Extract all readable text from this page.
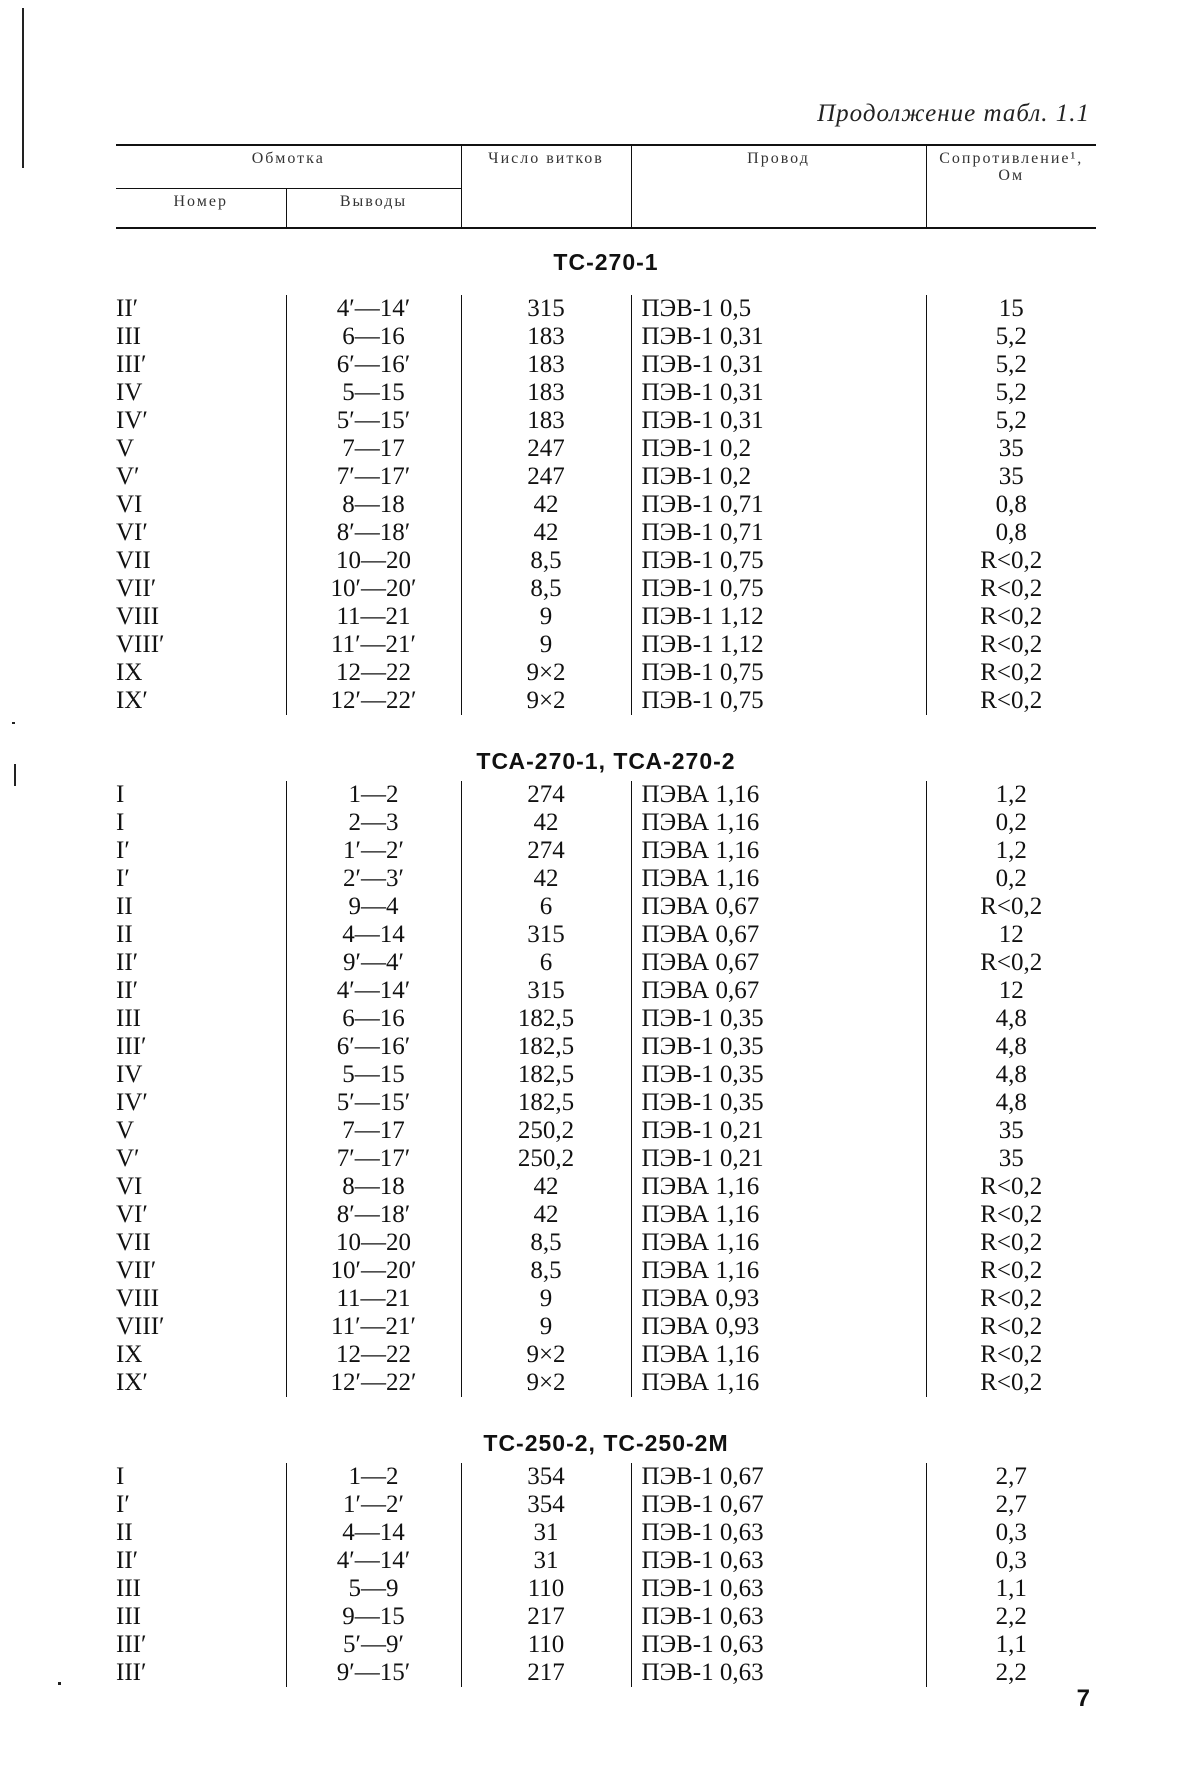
Продолжение табл. 1.1
Обмотка		Число витков	Провод	Сопротивление¹, Ом
Номер	Выводы			
ТС-270-1				
II′	4′—14′	315	ПЭВ-1 0,5	15
III	6—16	183	ПЭВ-1 0,31	5,2
III′	6′—16′	183	ПЭВ-1 0,31	5,2
IV	5—15	183	ПЭВ-1 0,31	5,2
IV′	5′—15′	183	ПЭВ-1 0,31	5,2
V	7—17	247	ПЭВ-1 0,2	35
V′	7′—17′	247	ПЭВ-1 0,2	35
VI	8—18	42	ПЭВ-1 0,71	0,8
VI′	8′—18′	42	ПЭВ-1 0,71	0,8
VII	10—20	8,5	ПЭВ-1 0,75	R<0,2
VII′	10′—20′	8,5	ПЭВ-1 0,75	R<0,2
VIII	11—21	9	ПЭВ-1 1,12	R<0,2
VIII′	11′—21′	9	ПЭВ-1 1,12	R<0,2
IX	12—22	9×2	ПЭВ-1 0,75	R<0,2
IX′	12′—22′	9×2	ПЭВ-1 0,75	R<0,2

ТСА-270-1, ТСА-270-2				
I	1—2	274	ПЭВА 1,16	1,2
I	2—3	42	ПЭВА 1,16	0,2
I′	1′—2′	274	ПЭВА 1,16	1,2
I′	2′—3′	42	ПЭВА 1,16	0,2
II	9—4	6	ПЭВА 0,67	R<0,2
II	4—14	315	ПЭВА 0,67	12
II′	9′—4′	6	ПЭВА 0,67	R<0,2
II′	4′—14′	315	ПЭВА 0,67	12
III	6—16	182,5	ПЭВ-1 0,35	4,8
III′	6′—16′	182,5	ПЭВ-1 0,35	4,8
IV	5—15	182,5	ПЭВ-1 0,35	4,8
IV′	5′—15′	182,5	ПЭВ-1 0,35	4,8
V	7—17	250,2	ПЭВ-1 0,21	35
V′	7′—17′	250,2	ПЭВ-1 0,21	35
VI	8—18	42	ПЭВА 1,16	R<0,2
VI′	8′—18′	42	ПЭВА 1,16	R<0,2
VII	10—20	8,5	ПЭВА 1,16	R<0,2
VII′	10′—20′	8,5	ПЭВА 1,16	R<0,2
VIII	11—21	9	ПЭВА 0,93	R<0,2
VIII′	11′—21′	9	ПЭВА 0,93	R<0,2
IX	12—22	9×2	ПЭВА 1,16	R<0,2
IX′	12′—22′	9×2	ПЭВА 1,16	R<0,2

ТС-250-2, ТС-250-2М				
I	1—2	354	ПЭВ-1 0,67	2,7
I′	1′—2′	354	ПЭВ-1 0,67	2,7
II	4—14	31	ПЭВ-1 0,63	0,3
II′	4′—14′	31	ПЭВ-1 0,63	0,3
III	5—9	110	ПЭВ-1 0,63	1,1
III	9—15	217	ПЭВ-1 0,63	2,2
III′	5′—9′	110	ПЭВ-1 0,63	1,1
III′	9′—15′	217	ПЭВ-1 0,63	2,2
7
